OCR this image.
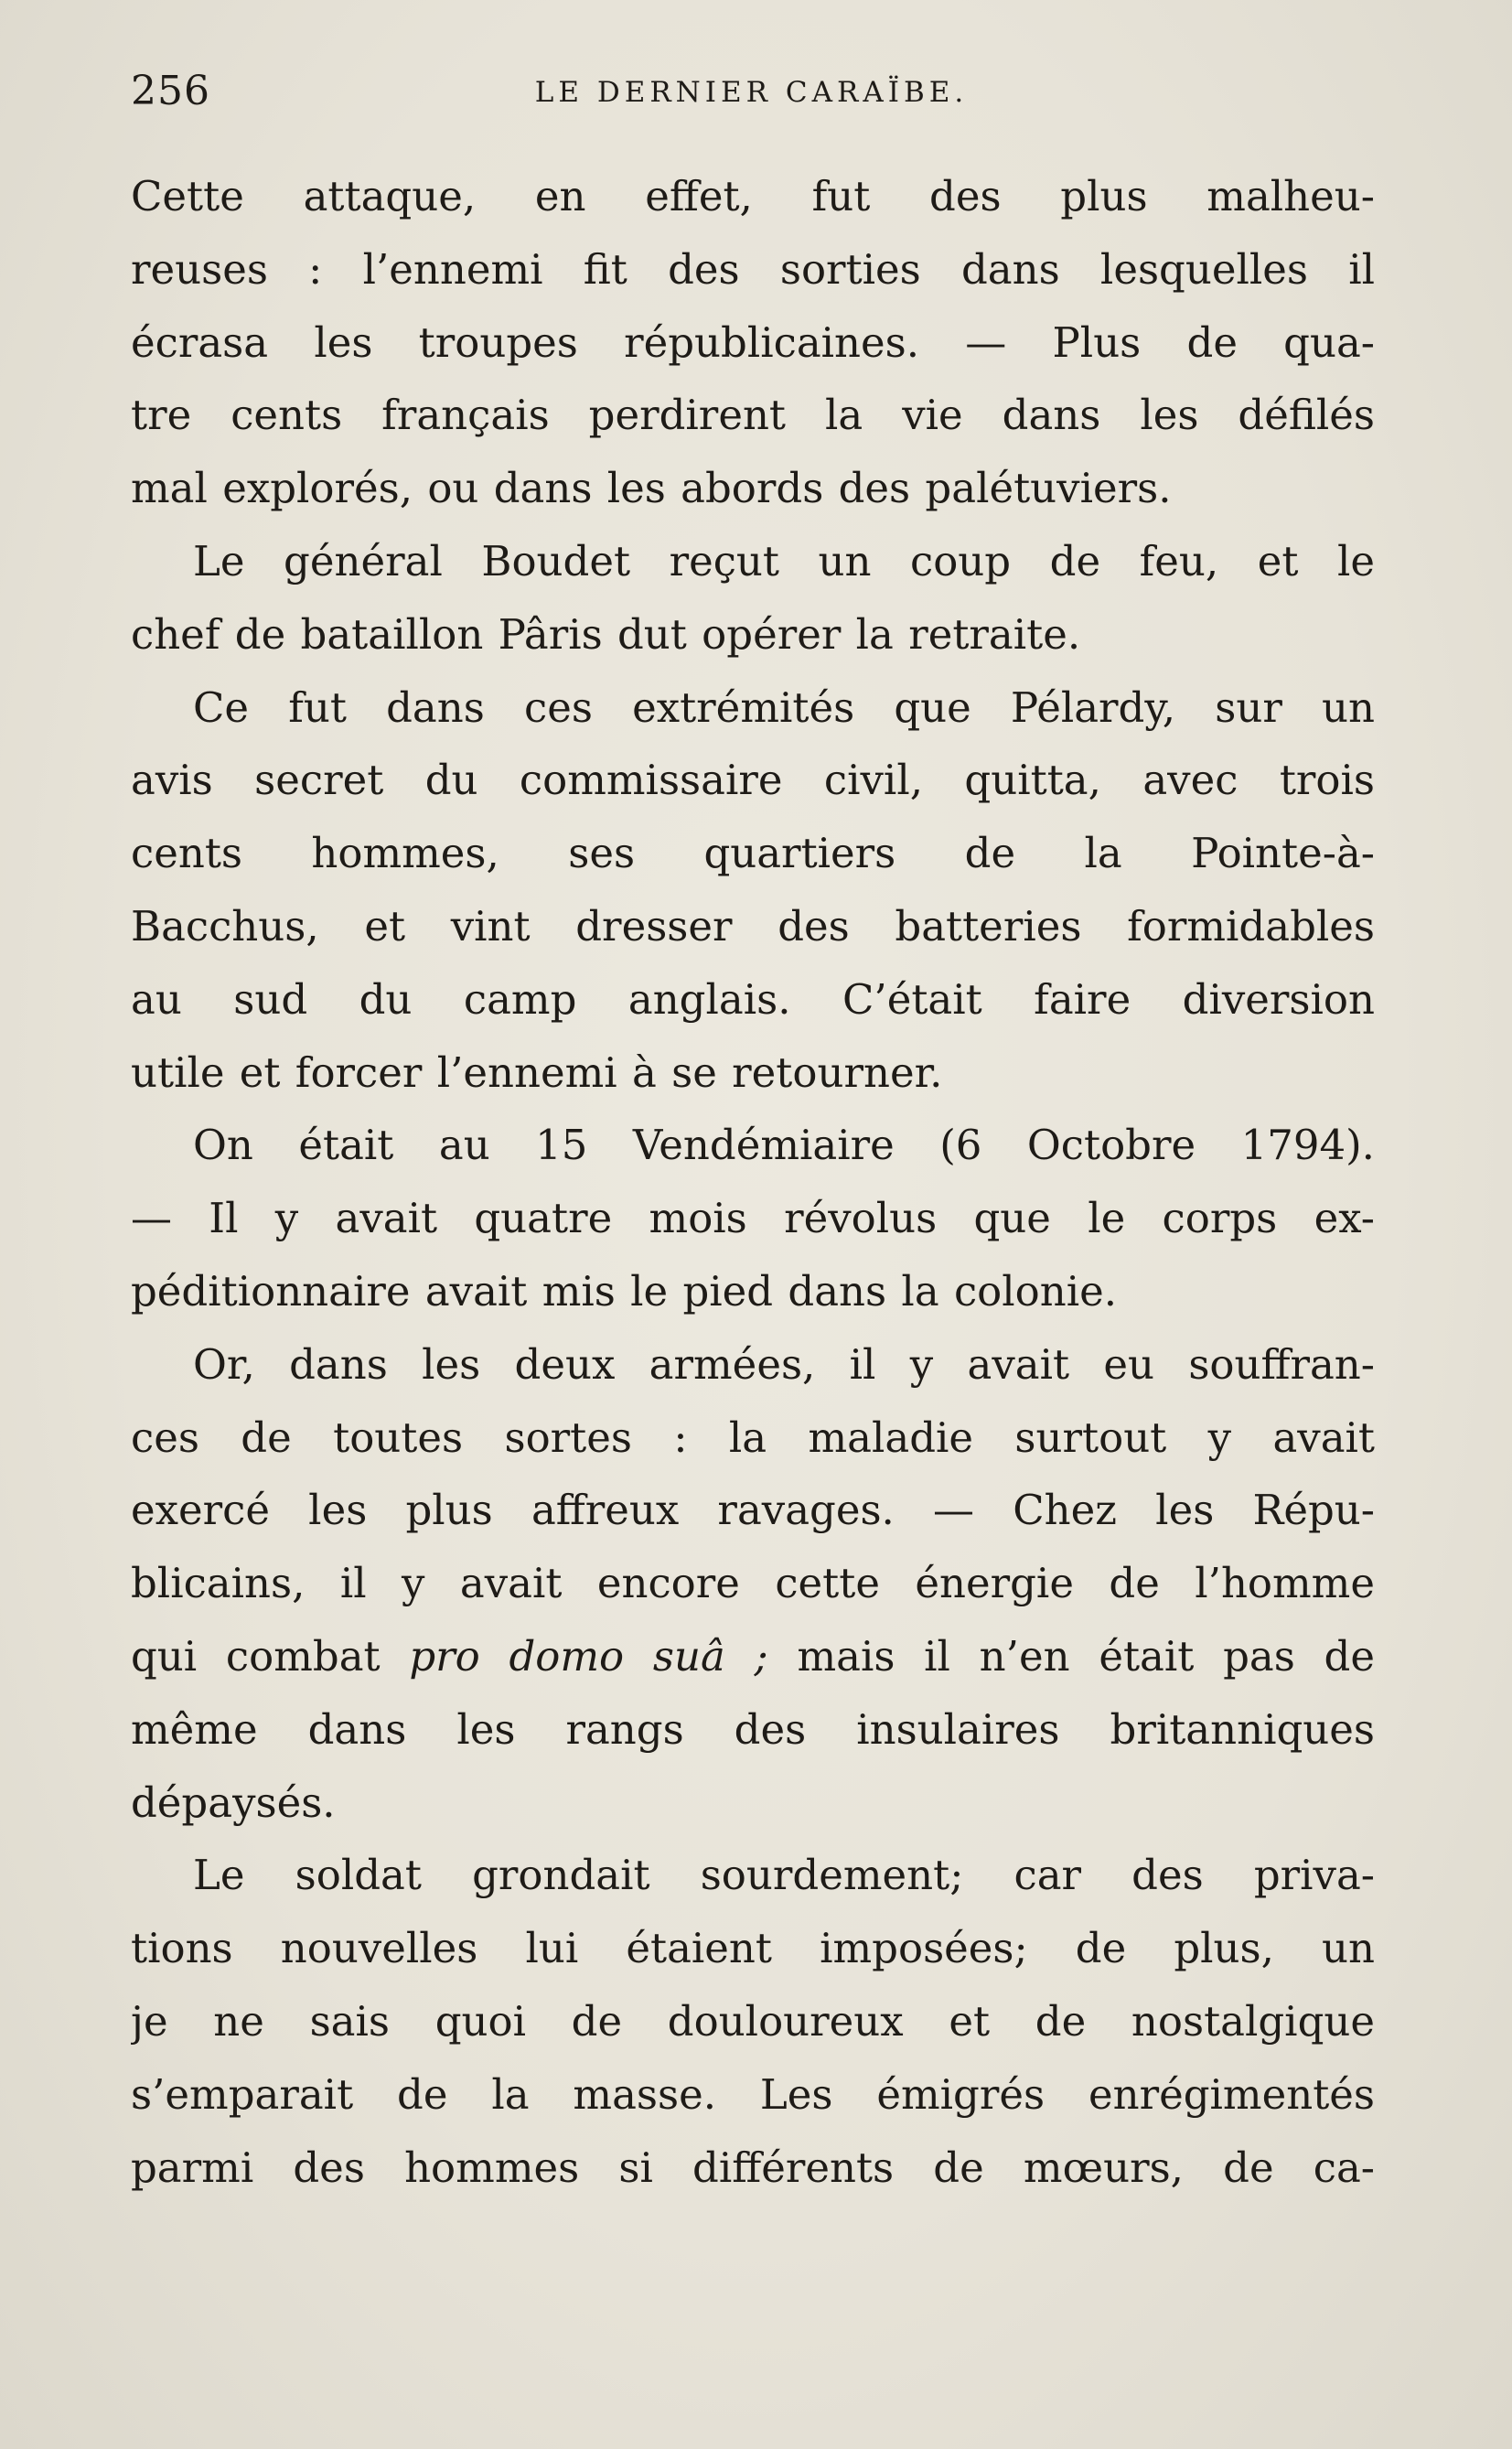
256	LE DERNIER CARAÏBE.
Cette attaque, en effet, fut des plus malheu-
reuses : l’ennemi fit des sorties dans lesquelles il
écrasa les troupes républicaines. — Plus de qua-
tre cents français perdirent la vie dans les défilés
mal explorés, ou dans les abords des palétuviers.
Le général Boudet reçut un coup de feu, et le
chef de bataillon Pâris dut opérer la retraite.
Ce fut dans ces extrémités que Pélardy, sur un
avis secret du commissaire civil, quitta, avec trois
cents hommes, ses quartiers de la Pointe-à-
Bacchus, et vint dresser des batteries formidables
au sud du camp anglais. C’était faire diversion
utile et forcer l’ennemi à se retourner.
On était au 15 Vendémiaire (6 Octobre 1794).
— Il y avait quatre mois révolus que le corps ex-
péditionnaire avait mis le pied dans la colonie.
Or, dans les deux armées, il y avait eu souffran-
ces de toutes sortes : la maladie surtout y avait
exercé les plus affreux ravages. — Chez les Répu-
blicains, il y avait encore cette énergie de l’homme
qui combat pro domo suâ ; mais il n’en était pas de
même dans les rangs des insulaires britanniques
dépaysés.
Le soldat grondait sourdement; car des priva-
tions nouvelles lui étaient imposées; de plus, un
je ne sais quoi de douloureux et de nostalgique
s’emparait de la masse. Les émigrés enrégimentés
parmi des hommes si différents de mœurs, de ca-
